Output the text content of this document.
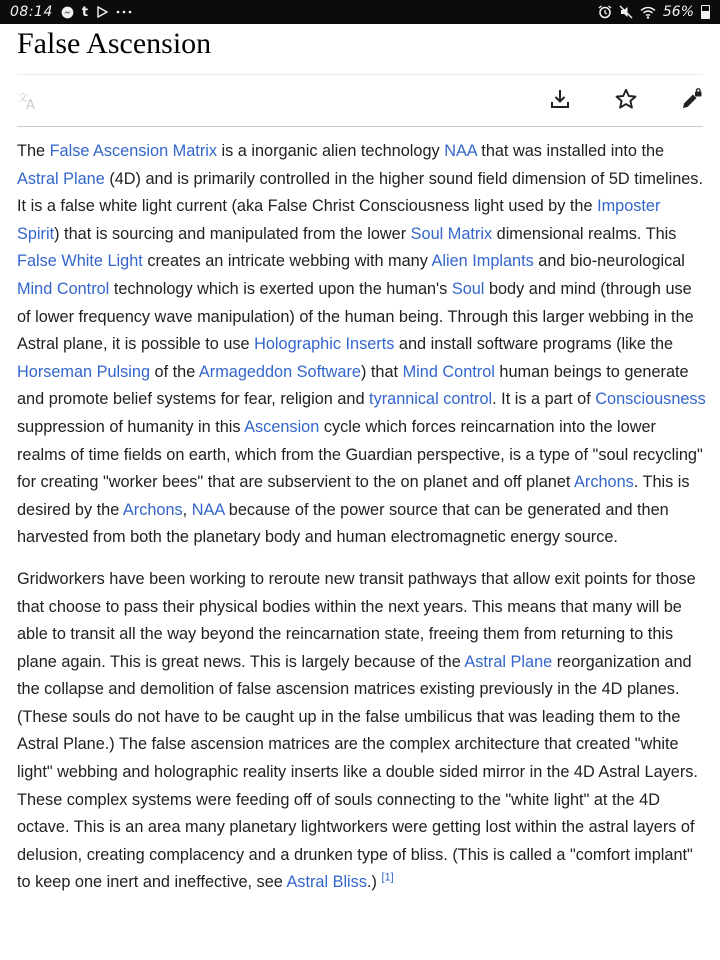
08:14 t	56%
False Ascension
文
A

The False Ascension Matrix is a inorganic alien technology NAA that was installed into the Astral Plane (4D) and is primarily controlled in the higher sound field dimension of 5D timelines. It is a false white light current (aka False Christ Consciousness light used by the Imposter Spirit) that is sourcing and manipulated from the lower Soul Matrix dimensional realms. This False White Light creates an intricate webbing with many Alien Implants and bio-neurological Mind Control technology which is exerted upon the human's Soul body and mind (through use of lower frequency wave manipulation) of the human being. Through this larger webbing in the Astral plane, it is possible to use Holographic Inserts and install software programs (like the Horseman Pulsing of the Armageddon Software) that Mind Control human beings to generate and promote belief systems for fear, religion and tyrannical control. It is a part of Consciousness suppression of humanity in this Ascension cycle which forces reincarnation into the lower realms of time fields on earth, which from the Guardian perspective, is a type of "soul recycling" for creating "worker bees" that are subservient to the on planet and off planet Archons. This is desired by the Archons, NAA because of the power source that can be generated and then harvested from both the planetary body and human electromagnetic energy source.

Gridworkers have been working to reroute new transit pathways that allow exit points for those that choose to pass their physical bodies within the next years. This means that many will be able to transit all the way beyond the reincarnation state, freeing them from returning to this plane again. This is great news. This is largely because of the Astral Plane reorganization and the collapse and demolition of false ascension matrices existing previously in the 4D planes. (These souls do not have to be caught up in the false umbilicus that was leading them to the Astral Plane.) The false ascension matrices are the complex architecture that created "white light" webbing and holographic reality inserts like a double sided mirror in the 4D Astral Layers. These complex systems were feeding off of souls connecting to the "white light" at the 4D octave. This is an area many planetary lightworkers were getting lost within the astral layers of delusion, creating complacency and a drunken type of bliss. (This is called a "comfort implant" to keep one inert and ineffective, see Astral Bliss.) [1]
